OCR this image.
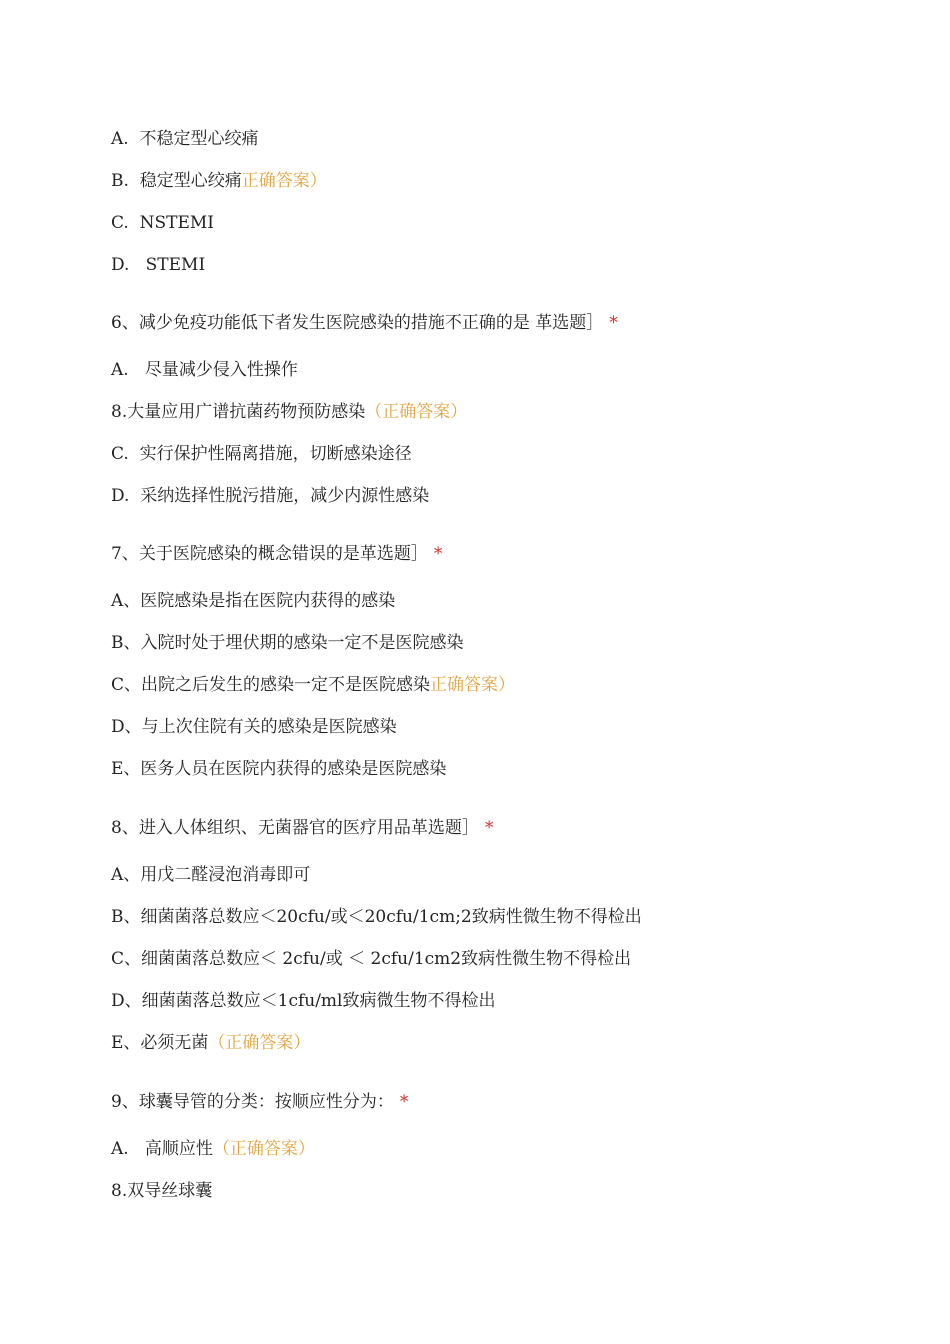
A.  不稳定型心绞痛
B.  稳定型心绞痛正确答案）
C.  NSTEMI
D.   STEMI
6、减少免疫功能低下者发生医院感染的措施不正确的是 革选题］ *
A.   尽量减少侵入性操作
8.大量应用广谱抗菌药物预防感染（正确答案）
C.  实行保护性隔离措施，切断感染途径
D.  采纳选择性脱污措施，减少内源性感染
7、关于医院感染的概念错误的是革选题］ *
A、医院感染是指在医院内获得的感染
B、入院时处于埋伏期的感染一定不是医院感染
C、出院之后发生的感染一定不是医院感染正确答案）
D、与上次住院有关的感染是医院感染
E、医务人员在医院内获得的感染是医院感染
8、进入人体组织、无菌器官的医疗用品革选题］ *
A、用戊二醛浸泡消毒即可
B、细菌菌落总数应＜20cfu/或＜20cfu/1cm;2致病性微生物不得检出
C、细菌菌落总数应＜ 2cfu/或 ＜ 2cfu/1cm2致病性微生物不得检出
D、细菌菌落总数应＜1cfu/ml致病微生物不得检出
E、必须无菌（正确答案）
9、球囊导管的分类：按顺应性分为： *
A.   高顺应性（正确答案）
8.双导丝球囊
